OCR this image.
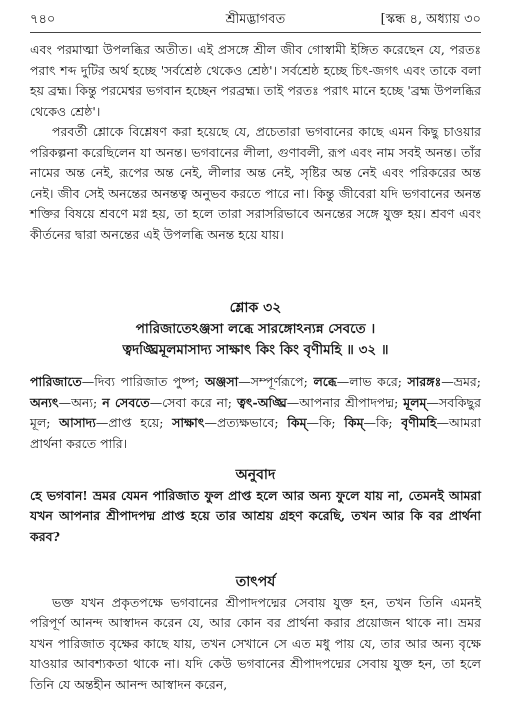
৭৪০	শ্রীমদ্ভাগবত	[স্কন্ধ ৪, অধ্যায় ৩০

এবং পরমাত্মা উপলব্ধির অতীত। এই প্রসঙ্গে শ্রীল জীব গোস্বামী ইঙ্গিত করেছেন যে, পরতঃ পরাৎ শব্দ দুটির অর্থ হচ্ছে 'সর্বশ্রেষ্ঠ থেকেও শ্রেষ্ঠ'। সর্বশ্রেষ্ঠ হচ্ছে চিৎ-জগৎ এবং তাকে বলা হয় ব্রহ্ম। কিন্তু পরমেশ্বর ভগবান হচ্ছেন পরব্রহ্ম। তাই পরতঃ পরাৎ মানে হচ্ছে 'ব্রহ্ম উপলব্ধির থেকেও শ্রেষ্ঠ'।

পরবর্তী শ্লোকে বিশ্লেষণ করা হয়েছে যে, প্রচেতারা ভগবানের কাছে এমন কিছু চাওয়ার পরিকল্পনা করেছিলেন যা অনন্ত। ভগবানের লীলা, গুণাবলী, রূপ এবং নাম সবই অনন্ত। তাঁর নামের অন্ত নেই, রূপের অন্ত নেই, লীলার অন্ত নেই, সৃষ্টির অন্ত নেই এবং পরিকরের অন্ত নেই। জীব সেই অনন্তের অনন্তত্ব অনুভব করতে পারে না। কিন্তু জীবেরা যদি ভগবানের অনন্ত শক্তির বিষয়ে শ্রবণে মগ্ন হয়, তা হলে তারা সরাসরিভাবে অনন্তের সঙ্গে যুক্ত হয়। শ্রবণ এবং কীর্তনের দ্বারা অনন্তের এই উপলব্ধি অনন্ত হয়ে যায়।

শ্লোক ৩২
পারিজাতেঽঞ্জসা লব্ধে সারঙ্গোঽন্যন্ন সেবতে ।
ত্বদঙ্ঘ্রিমূলমাসাদ্য সাক্ষাৎ কিং কিং বৃণীমহি ॥ ৩২ ॥
পারিজাতে—দিব্য পারিজাত পুষ্প; অঞ্জসা—সম্পূর্ণরূপে; লব্ধে—লাভ করে; সারঙ্গঃ—ভ্রমর; অন্যৎ—অন্য; ন সেবতে—সেবা করে না; ত্বৎ-অঙ্ঘ্রি—আপনার শ্রীপাদপদ্ম; মূলম্—সবকিছুর মূল; আসাদ্য—প্রাপ্ত হয়ে; সাক্ষাৎ—প্রত্যক্ষভাবে; কিম্—কি; কিম্—কি; বৃণীমহি—আমরা প্রার্থনা করতে পারি।
অনুবাদ
হে ভগবান! ভ্রমর যেমন পারিজাত ফুল প্রাপ্ত হলে আর অন্য ফুলে যায় না, তেমনই আমরা যখন আপনার শ্রীপাদপদ্ম প্রাপ্ত হয়ে তার আশ্রয় গ্রহণ করেছি, তখন আর কি বর প্রার্থনা করব?
তাৎপর্য

ভক্ত যখন প্রকৃতপক্ষে ভগবানের শ্রীপাদপদ্মের সেবায় যুক্ত হন, তখন তিনি এমনই পরিপূর্ণ আনন্দ আস্বাদন করেন যে, আর কোন বর প্রার্থনা করার প্রয়োজন থাকে না। ভ্রমর যখন পারিজাত বৃক্ষের কাছে যায়, তখন সেখানে সে এত মধু পায় যে, তার আর অন্য বৃক্ষে যাওয়ার আবশ্যকতা থাকে না। যদি কেউ ভগবানের শ্রীপাদপদ্মের সেবায় যুক্ত হন, তা হলে তিনি যে অন্তহীন আনন্দ আস্বাদন করেন,
